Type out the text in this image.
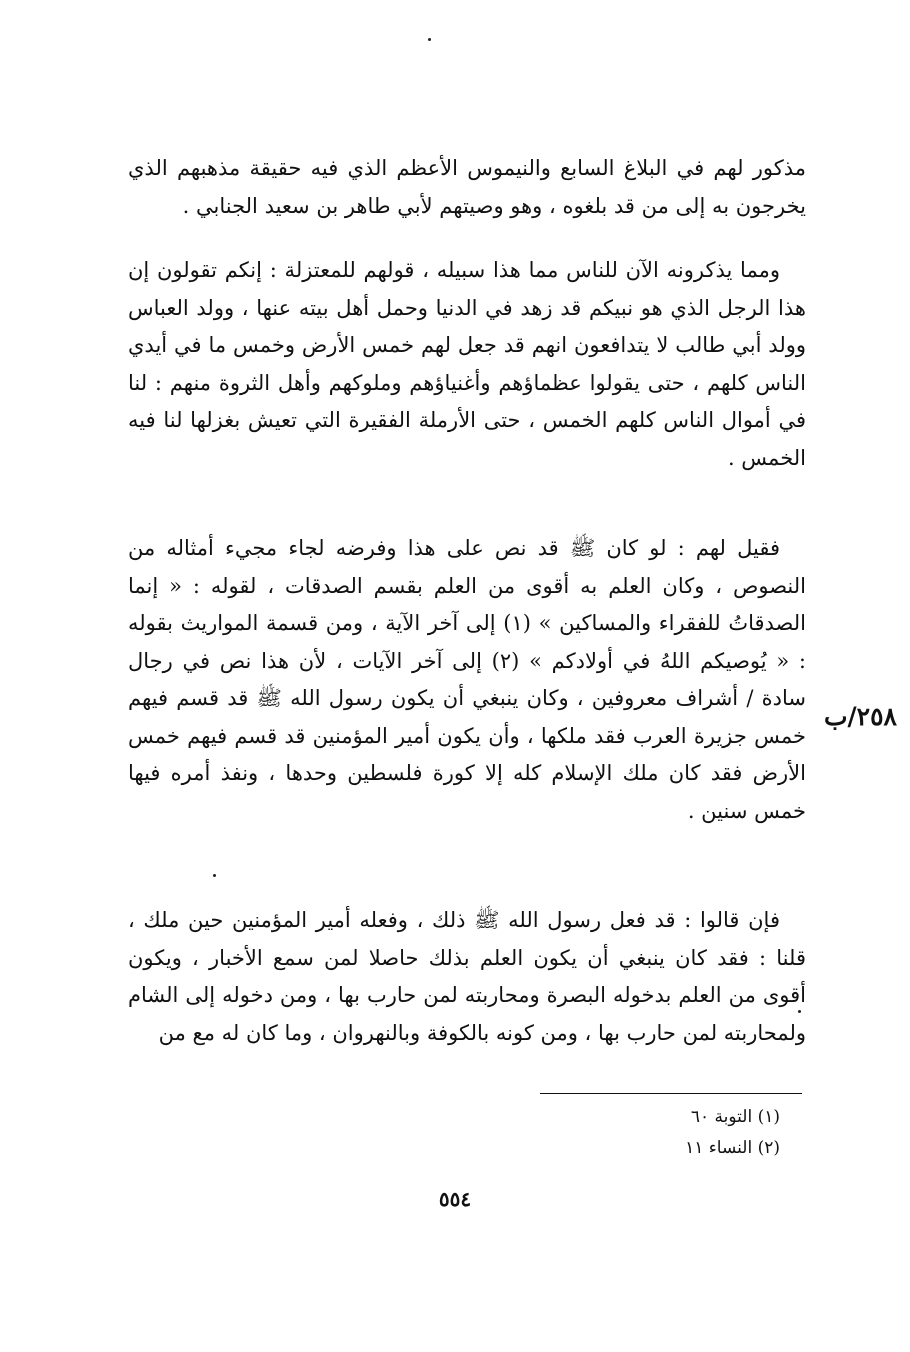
مذكور لهم في البلاغ السابع والنيموس الأعظم الذي فيه حقيقة مذهبهم الذي يخرجون به إلى من قد بلغوه ، وهو وصيتهم لأبي طاهر بن سعيد الجنابي .

ومما يذكرونه الآن للناس مما هذا سبيله ، قولهم للمعتزلة : إنكم تقولون إن هذا الرجل الذي هو نبيكم قد زهد في الدنيا وحمل أهل بيته عنها ، وولد العباس وولد أبي طالب لا يتدافعون انهم قد جعل لهم خمس الأرض وخمس ما في أيدي الناس كلهم ، حتى يقولوا عظماؤهم وأغنياؤهم وملوكهم وأهل الثروة منهم : لنا في أموال الناس كلهم الخمس ، حتى الأرملة الفقيرة التي تعيش بغزلها لنا فيه الخمس .

فقيل لهم : لو كان ﷺ قد نص على هذا وفرضه لجاء مجيء أمثاله من النصوص ، وكان العلم به أقوى من العلم بقسم الصدقات ، لقوله : « إنما الصدقاتُ للفقراء والمساكين » (١) إلى آخر الآية ، ومن قسمة المواريث بقوله : « يُوصيكم اللهُ في أولادكم » (٢) إلى آخر الآيات ، لأن هذا نص في رجال سادة / أشراف معروفين ، وكان ينبغي أن يكون رسول الله ﷺ قد قسم فيهم خمس جزيرة العرب فقد ملكها ، وأن يكون أمير المؤمنين قد قسم فيهم خمس الأرض فقد كان ملك الإسلام كله إلا كورة فلسطين وحدها ، ونفذ أمره فيها خمس سنين .

فإن قالوا : قد فعل رسول الله ﷺ ذلك ، وفعله أمير المؤمنين حين ملك ، قلنا : فقد كان ينبغي أن يكون العلم بذلك حاصلا لمن سمع الأخبار ، ويكون أقوى من العلم بدخوله البصرة ومحاربته لمن حارب بها ، ومن دخوله إلى الشام ولمحاربته لمن حارب بها ، ومن كونه بالكوفة وبالنهروان ، وما كان له مع من

٢٥٨/ب
(١) التوبة ٦٠
(٢) النساء ١١
٥٥٤
